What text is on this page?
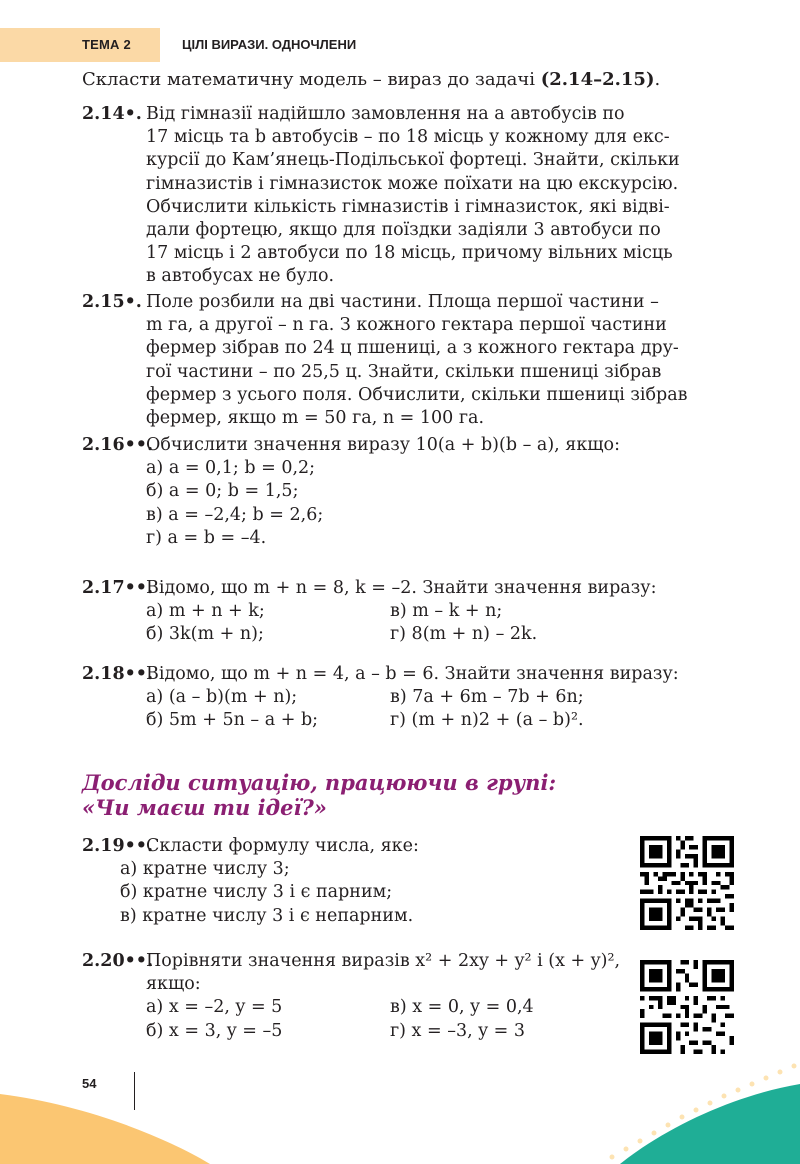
ТЕМА 2	ЦІЛІ ВИРАЗИ. ОДНОЧЛЕНИ
Скласти математичну модель – вираз до задачі (2.14–2.15).
2.14•. Від гімназії надійшло замовлення на a автобусів по
17 місць та b автобусів – по 18 місць у кожному для екс-
курсії до Кам’янець-Подільської фортеці. Знайти, скільки
гімназистів і гімназисток може поїхати на цю екскурсію.
Обчислити кількість гімназистів і гімназисток, які відві-
дали фортецю, якщо для поїздки задіяли 3 автобуси по
17 місць і 2 автобуси по 18 місць, причому вільних місць
в автобусах не було.
2.15•. Поле розбили на дві частини. Площа першої частини –
m га, а другої – n га. З кожного гектара першої частини
фермер зібрав по 24 ц пшениці, а з кожного гектара дру-
гої частини – по 25,5 ц. Знайти, скільки пшениці зібрав
фермер з усього поля. Обчислити, скільки пшениці зібрав
фермер, якщо m = 50 га, n = 100 га.
2.16••.
Обчислити значення виразу 10(a + b)(b – a), якщо:
а) a = 0,1; b = 0,2;
б) a = 0; b = 1,5;
в) a = –2,4; b = 2,6;
г) a = b = –4.
2.17••.
Відомо, що m + n = 8, k = –2. Знайти значення виразу:
а) m + n + k;	в) m – k + n;
б) 3k(m + n);	г) 8(m + n) – 2k.
2.18••.
Відомо, що m + n = 4, a – b = 6. Знайти значення виразу:
а) (a – b)(m + n);	в) 7a + 6m – 7b + 6n;
б) 5m + 5n – a + b;	г) (m + n)2 + (a – b)².
Досліди ситуацію, працюючи в групі:
«Чи маєш ти ідеї?»
2.19••.
Скласти формулу числа, яке:
а) кратне числу 3;
б) кратне числу 3 і є парним;
в) кратне числу 3 і є непарним.
2.20••.
Порівняти значення виразів x² + 2xy + y² і (x + y)²,
якщо:
а) x = –2, y = 5	в) x = 0, y = 0,4
б) x = 3, y = –5	г) x = –3, y = 3
54
